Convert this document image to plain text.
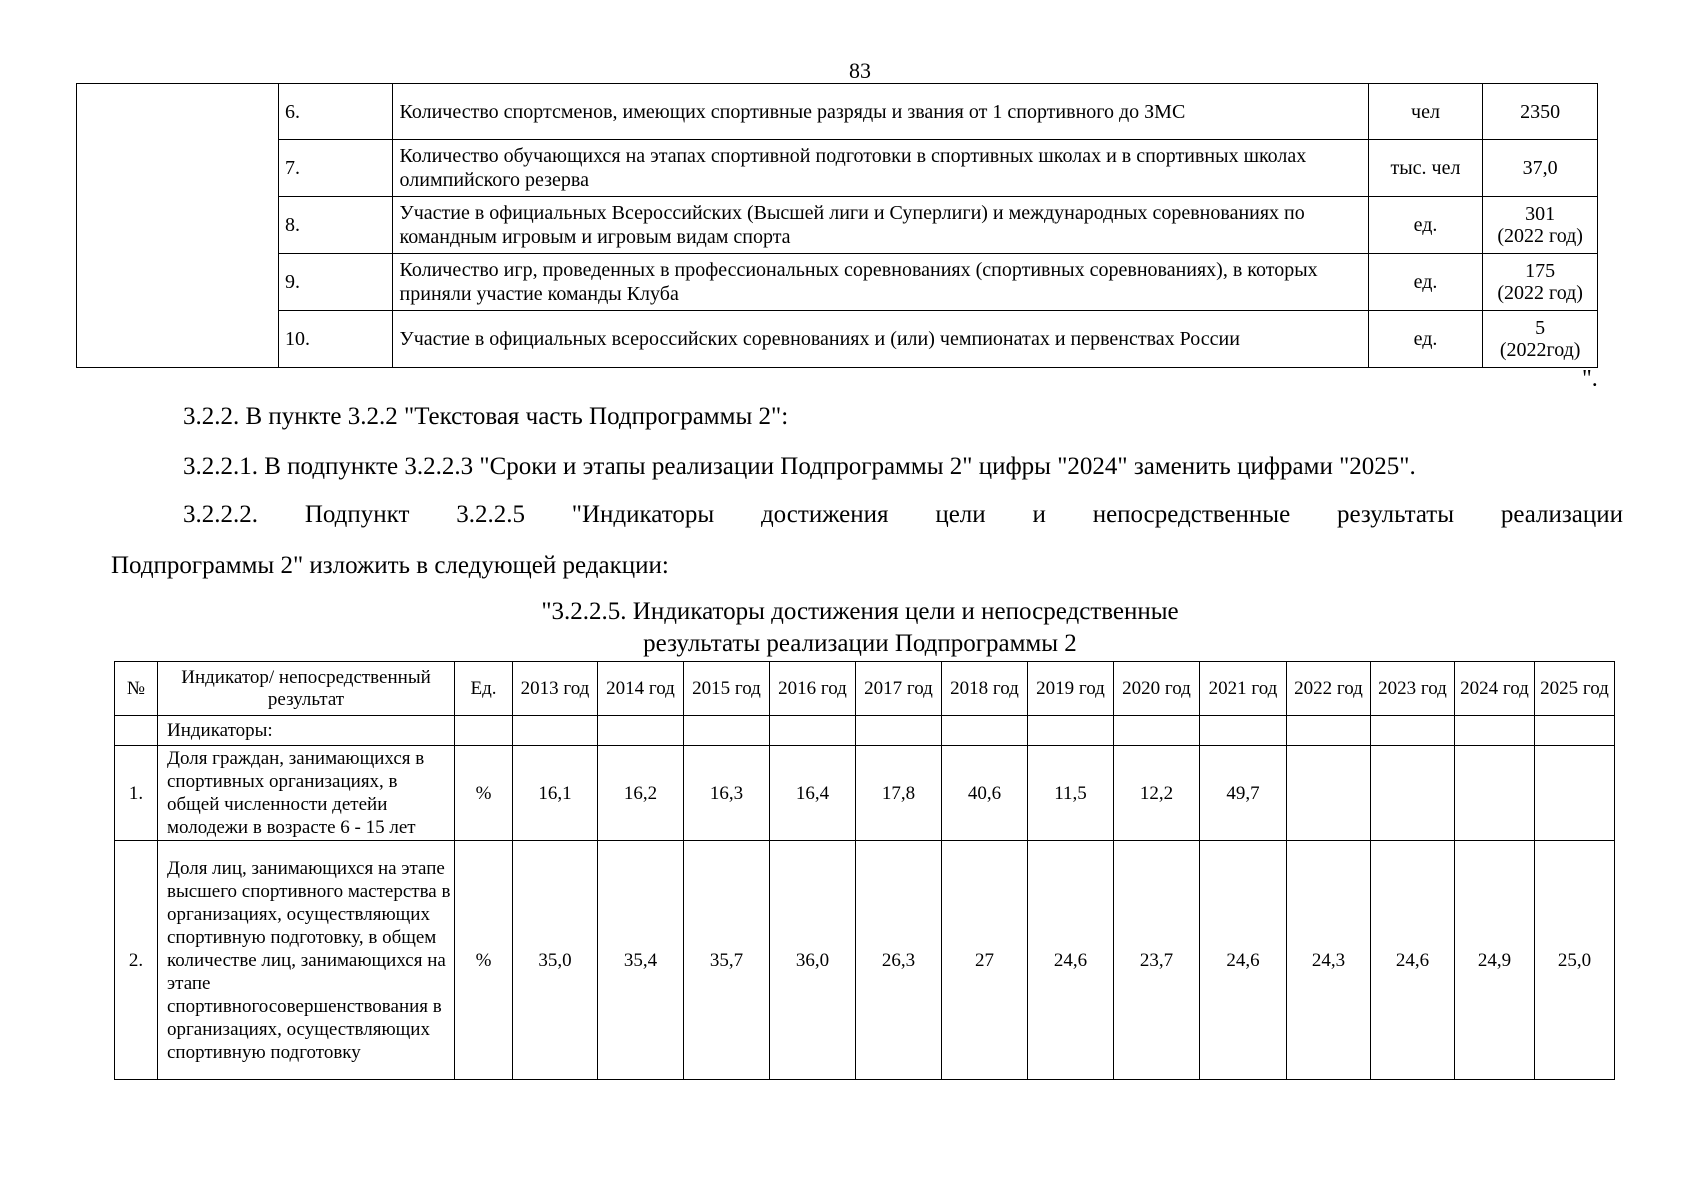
83
	6.	Количество спортсменов, имеющих спортивные разряды и звания от 1 спортивного до ЗМС	чел	2350

	7.	Количество обучающихся на этапах спортивной подготовки в спортивных школах и в спортивных школах олимпийского резерва	тыс. чел	37,0

	8.	Участие в официальных Всероссийских (Высшей лиги и Суперлиги) и международных соревнованиях по командным игровым и игровым видам спорта	ед.	301
(2022 год)

	9.	Количество игр, проведенных в профессиональных соревнованиях (спортивных соревнованиях), в которых приняли участие команды Клуба	ед.	175
(2022 год)

	10.	Участие в официальных всероссийских соревнованиях и (или) чемпионатах и первенствах России	ед.	5
(2022год)
".
3.2.2. В пункте 3.2.2 "Текстовая часть Подпрограммы 2":
3.2.2.1. В подпункте 3.2.2.3 "Сроки и этапы реализации Подпрограммы 2" цифры "2024" заменить цифрами "2025".
3.2.2.2. Подпункт 3.2.2.5 "Индикаторы достижения цели и непосредственные результаты реализации
Подпрограммы 2" изложить в следующей редакции:
"3.2.2.5. Индикаторы достижения цели и непосредственные
результаты реализации Подпрограммы 2
№	Индикатор/ непосредственный результат	Ед.	2013 год	2014 год	2015 год	2016 год	2017 год	2018 год	2019 год	2020 год	2021 год	2022 год	2023 год	2024 год	2025 год
	Индикаторы:														
1.	Доля граждан, занимающихся в спортивных организациях, в общей численности детейи молодежи в возрасте 6 - 15 лет	%	16,1	16,2	16,3	16,4	17,8	40,6	11,5	12,2	49,7				
2.	Доля лиц, занимающихся на этапе высшего спортивного мастерства в организациях, осуществляющих спортивную подготовку, в общем количестве лиц, занимающихся на этапе спортивногосовершенствования в организациях, осуществляющих спортивную подготовку	%	35,0	35,4	35,7	36,0	26,3	27	24,6	23,7	24,6	24,3	24,6	24,9	25,0
